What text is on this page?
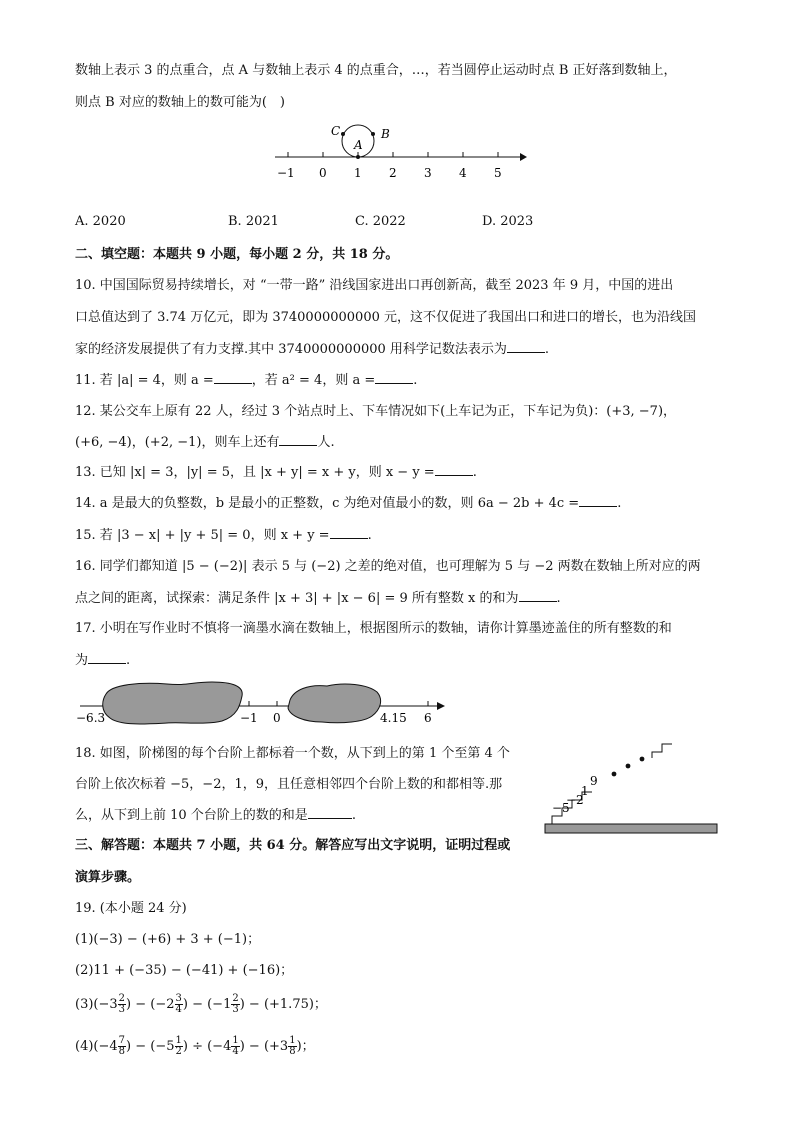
数轴上表示 3 的点重合，点 A 与数轴上表示 4 的点重合，…，若当圆停止运动时点 B 正好落到数轴上，
则点 B 对应的数轴上的数可能为(　)
C	B
A
−1 0 1 2 3 4 5
A. 2020	B. 2021	C. 2022	D. 2023
二、填空题：本题共 9 小题，每小题 2 分，共 18 分。
10. 中国国际贸易持续增长，对 “一带一路” 沿线国家进出口再创新高，截至 2023 年 9 月，中国的进出
口总值达到了 3.74 万亿元，即为 3740000000000 元，这不仅促进了我国出口和进口的增长，也为沿线国
家的经济发展提供了有力支撑.其中 3740000000000 用科学记数法表示为	.
11. 若 |a| = 4，则 a =	，若 a² = 4，则 a =	.
12. 某公交车上原有 22 人，经过 3 个站点时上、下车情况如下(上车记为正，下车记为负)：(+3, −7)，
(+6, −4)，(+2, −1)，则车上还有	人.
13. 已知 |x| = 3，|y| = 5，且 |x + y| = x + y，则 x − y =	.
14. a 是最大的负整数，b 是最小的正整数，c 为绝对值最小的数，则 6a − 2b + 4c =	.
15. 若 |3 − x| + |y + 5| = 0，则 x + y =	.
16. 同学们都知道 |5 − (−2)| 表示 5 与 (−2) 之差的绝对值，也可理解为 5 与 −2 两数在数轴上所对应的两
点之间的距离，试探索：满足条件 |x + 3| + |x − 6| = 9 所有整数 x 的和为	.
17. 小明在写作业时不慎将一滴墨水滴在数轴上，根据图所示的数轴，请你计算墨迹盖住的所有整数的和
为	.
−6.3	−1 0	4.15 6
18. 如图，阶梯图的每个台阶上都标着一个数，从下到上的第 1 个至第 4 个
台阶上依次标着 −5，−2，1，9，且任意相邻四个台阶上数的和都相等.那
么，从下到上前 10 个台阶上的数的和是	.	−5
−2
1
9
三、解答题：本题共 7 小题，共 64 分。解答应写出文字说明，证明过程或
演算步骤。
19. (本小题 24 分)
(1)(−3) − (+6) + 3 + (−1)；
(2)11 + (−35) − (−41) + (−16)；
$(3)(-3 \frac{2}{3}$ ) − ($-2 \frac{3}{4}$ ) − ($-1 \frac{2}{3}$ ) − (+1.75)；
$(4)(-4 \frac{7}{8}$ ) − ($-5 \frac{1}{2}$ ) ÷ ($-4 \frac{1}{4}$ ) − ($+3 \frac{1}{8}$ )；
